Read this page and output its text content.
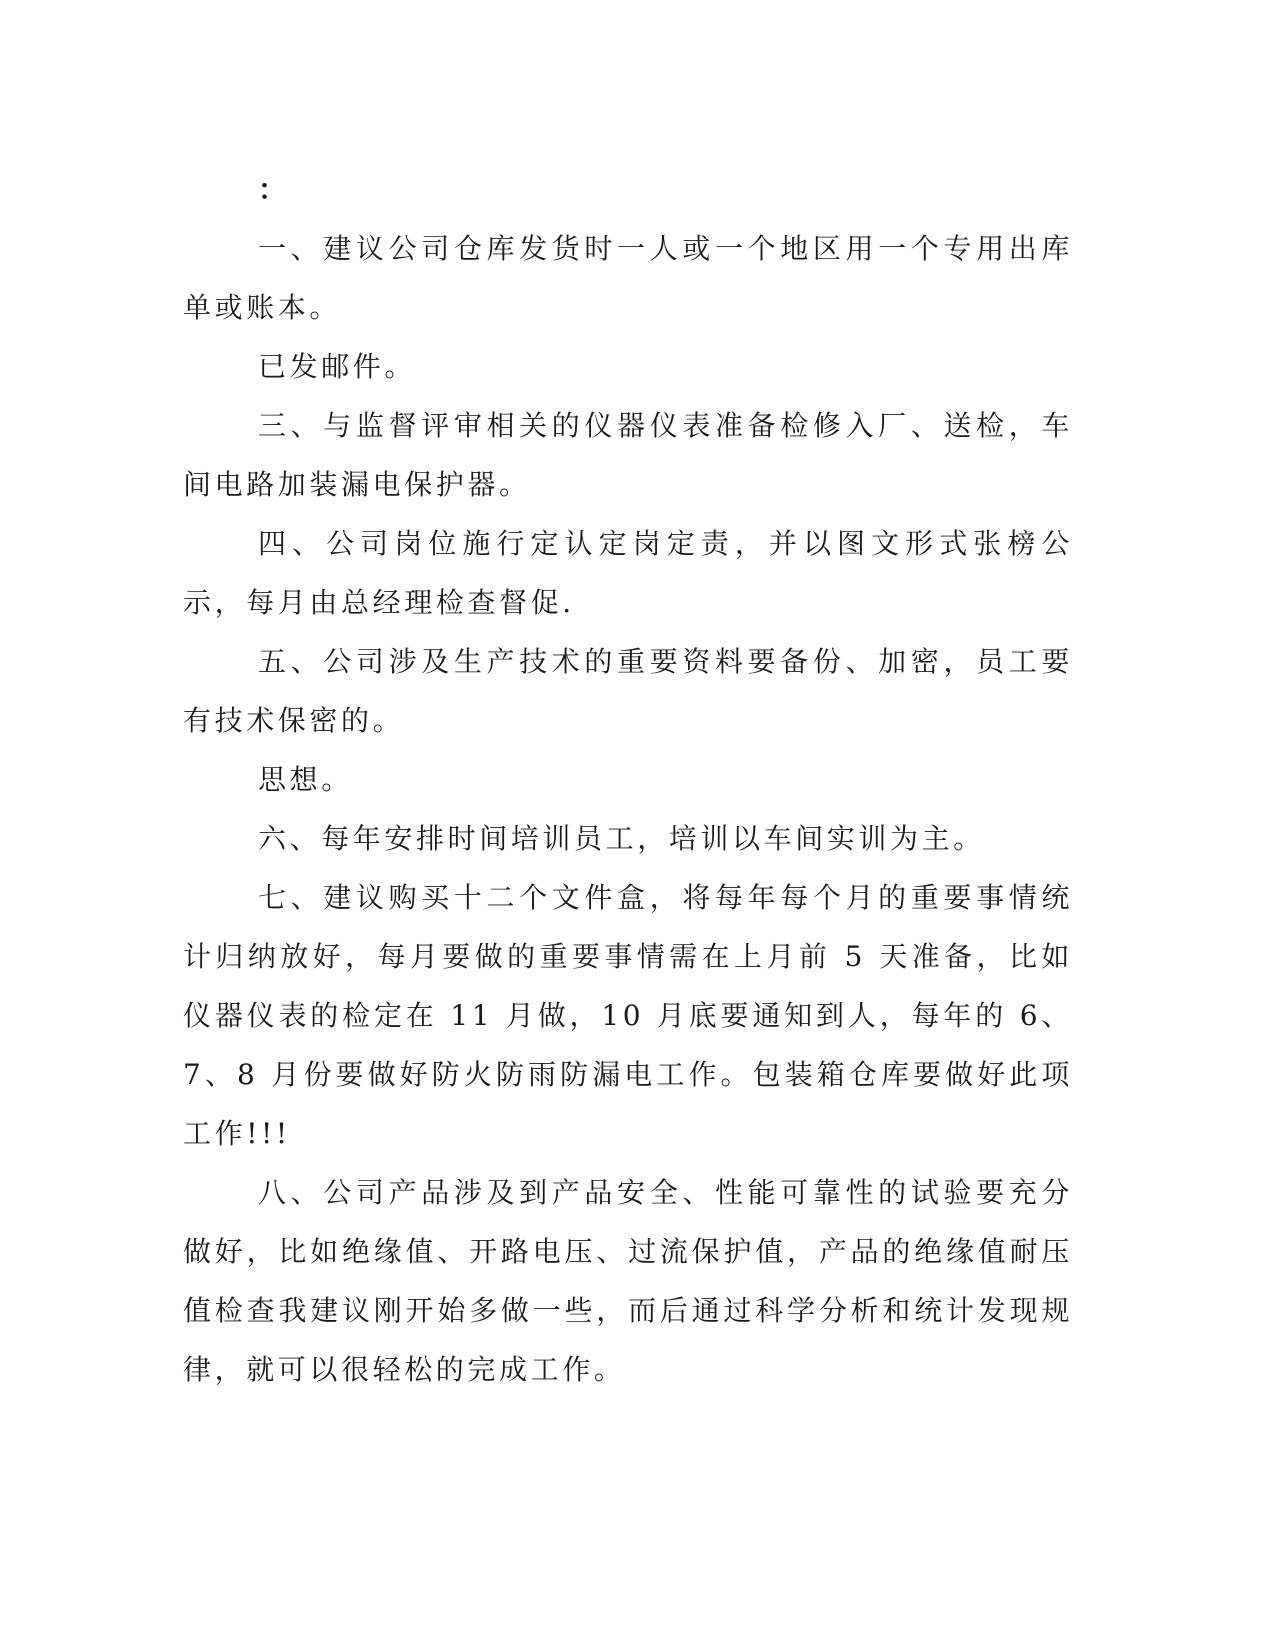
：

一、建议公司仓库发货时一人或一个地区用一个专用出库单或账本。

已发邮件。

三、与监督评审相关的仪器仪表准备检修入厂、送检，车间电路加装漏电保护器。

四、公司岗位施行定认定岗定责，并以图文形式张榜公示，每月由总经理检查督促.

五、公司涉及生产技术的重要资料要备份、加密，员工要有技术保密的。

思想。

六、每年安排时间培训员工，培训以车间实训为主。

七、建议购买十二个文件盒，将每年每个月的重要事情统计归纳放好，每月要做的重要事情需在上月前 5 天准备，比如仪器仪表的检定在 11 月做，10 月底要通知到人，每年的 6、7、8 月份要做好防火防雨防漏电工作。包装箱仓库要做好此项工作!!!

八、公司产品涉及到产品安全、性能可靠性的试验要充分做好，比如绝缘值、开路电压、过流保护值，产品的绝缘值耐压值检查我建议刚开始多做一些，而后通过科学分析和统计发现规律，就可以很轻松的完成工作。
